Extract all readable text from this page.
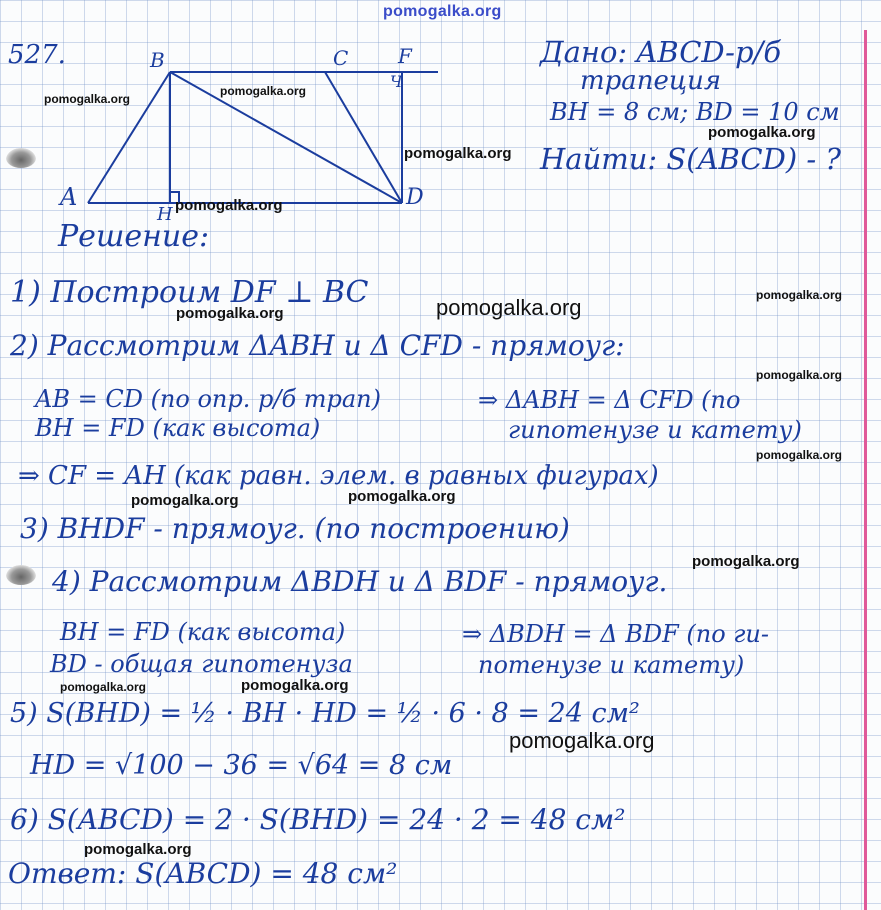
pomogalka.org
527.	B	C F
Ч
A
H
D
Дано: ABCD-р/б
трапеция
BH = 8 см; BD = 10 см
Найти: S(ABCD) - ?
Решение:
1) Построим DF ⊥ BC
2) Рассмотрим ΔABH и Δ CFD - прямоуг:
AB = CD (по опр. р/б трап)
BH = FD (как высота)
⇒ ΔABH = Δ CFD (по
гипотенузе и катету)
⇒ CF = AH (как равн. элем. в равных фигурах)
3) BHDF - прямоуг. (по построению)
4) Рассмотрим ΔBDH и Δ BDF - прямоуг.
BH = FD (как высота)
BD - общая гипотенуза
⇒ ΔBDH = Δ BDF (по ги-
потенузе и катету)
5) S(BHD) = ½ · BH · HD = ½ · 6 · 8 = 24 см²
HD = √100 − 36 = √64 = 8 см
6) S(ABCD) = 2 · S(BHD) = 24 · 2 = 48 см²
Ответ: S(ABCD) = 48 см²
pomogalka.org
pomogalka.org
pomogalka.org
pomogalka.org
pomogalka.org
pomogalka.org
pomogalka.org
pomogalka.org
pomogalka.org
pomogalka.org
pomogalka.org
pomogalka.org
pomogalka.org
pomogalka.org
pomogalka.org
pomogalka.org
pomogalka.org
